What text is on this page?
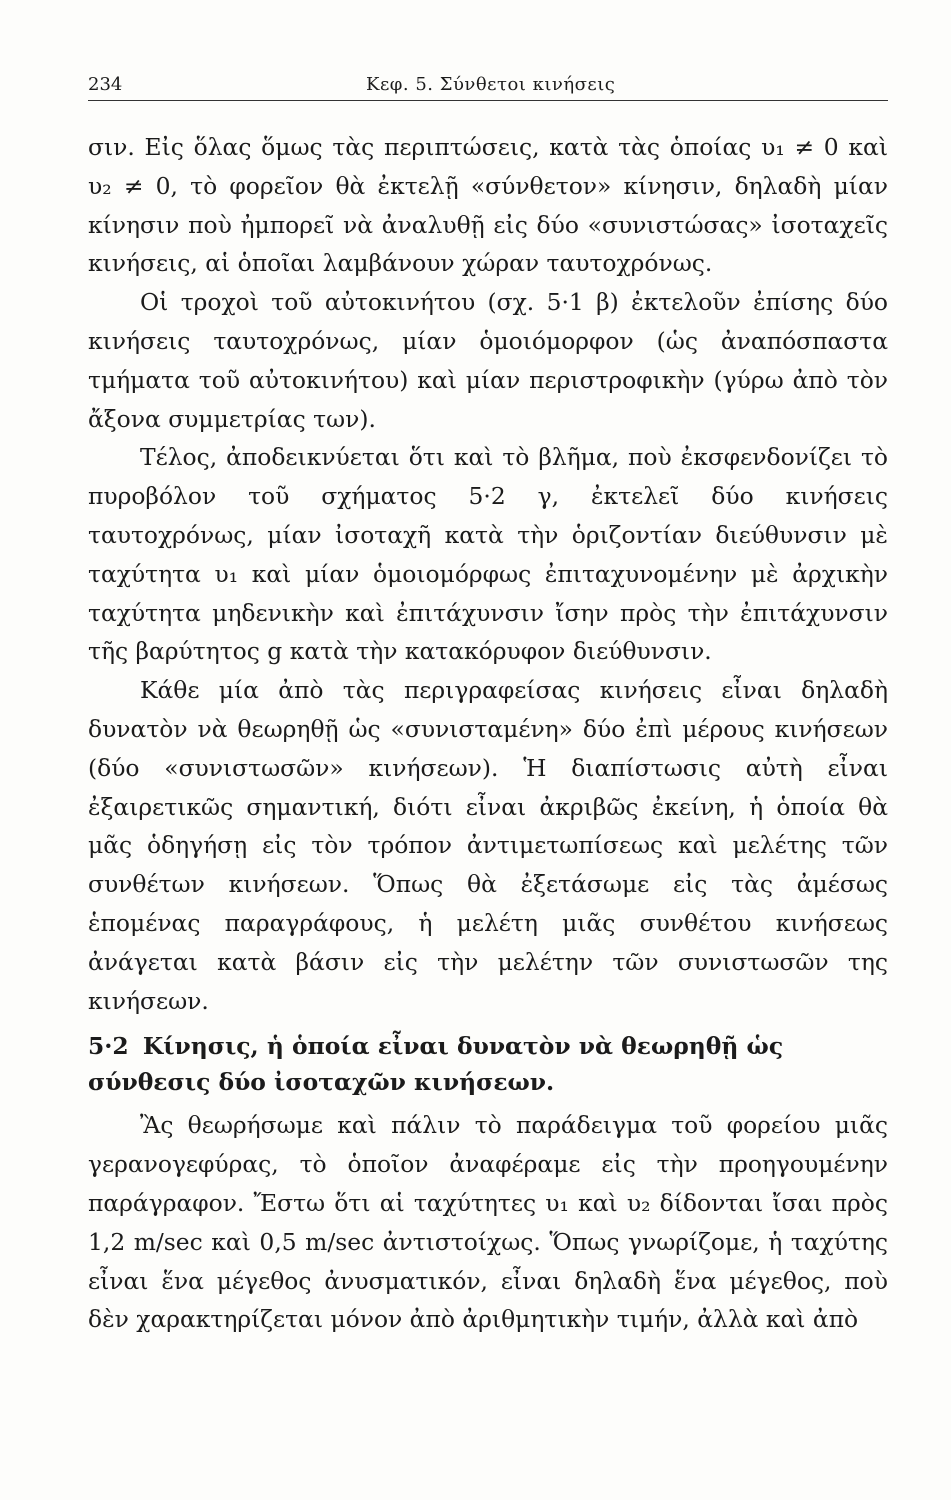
234	Κεφ. 5. Σύνθετοι κινήσεις

σιν. Εἰς ὅλας ὅμως τὰς περιπτώσεις, κατὰ τὰς ὁποίας υ₁ ≠ 0 καὶ υ₂ ≠ 0, τὸ φορεῖον θὰ ἐκτελῇ «σύνθετον» κίνησιν, δηλαδὴ μίαν κίνησιν ποὺ ἠμπορεῖ νὰ ἀναλυθῇ εἰς δύο «συνιστώσας» ἰσοταχεῖς κινήσεις, αἱ ὁποῖαι λαμβάνουν χώραν ταυτοχρόνως.

Οἱ τροχοὶ τοῦ αὐτοκινήτου (σχ. 5·1 β) ἐκτελοῦν ἐπίσης δύο κινήσεις ταυτοχρόνως, μίαν ὁμοιόμορφον (ὡς ἀναπόσπαστα τμήματα τοῦ αὐτοκινήτου) καὶ μίαν περιστροφικὴν (γύρω ἀπὸ τὸν ἄξονα συμμετρίας των).

Τέλος, ἀποδεικνύεται ὅτι καὶ τὸ βλῆμα, ποὺ ἐκσφενδονίζει τὸ πυροβόλον τοῦ σχήματος 5·2 γ, ἐκτελεῖ δύο κινήσεις ταυτοχρόνως, μίαν ἰσοταχῆ κατὰ τὴν ὁριζοντίαν διεύθυνσιν μὲ ταχύτητα υ₁ καὶ μίαν ὁμοιομόρφως ἐπιταχυνομένην μὲ ἀρχικὴν ταχύτητα μηδενικὴν καὶ ἐπιτάχυνσιν ἴσην πρὸς τὴν ἐπιτάχυνσιν τῆς βαρύτητος g κατὰ τὴν κατακόρυφον διεύθυνσιν.

Κάθε μία ἀπὸ τὰς περιγραφείσας κινήσεις εἶναι δηλαδὴ δυνατὸν νὰ θεωρηθῇ ὡς «συνισταμένη» δύο ἐπὶ μέρους κινήσεων (δύο «συνιστωσῶν» κινήσεων). Ἡ διαπίστωσις αὐτὴ εἶναι ἐξαιρετικῶς σημαντική, διότι εἶναι ἀκριβῶς ἐκείνη, ἡ ὁποία θὰ μᾶς ὁδηγήσῃ εἰς τὸν τρόπον ἀντιμετωπίσεως καὶ μελέτης τῶν συνθέτων κινήσεων. Ὅπως θὰ ἐξετάσωμε εἰς τὰς ἀμέσως ἑπομένας παραγράφους, ἡ μελέτη μιᾶς συνθέτου κινήσεως ἀνάγεται κατὰ βάσιν εἰς τὴν μελέτην τῶν συνιστωσῶν της κινήσεων.

5·2 Κίνησις, ἡ ὁποία εἶναι δυνατὸν νὰ θεωρηθῇ ὡς σύνθεσις δύο ἰσοταχῶν κινήσεων.

Ἂς θεωρήσωμε καὶ πάλιν τὸ παράδειγμα τοῦ φορείου μιᾶς γερανογεφύρας, τὸ ὁποῖον ἀναφέραμε εἰς τὴν προηγουμένην παράγραφον. Ἔστω ὅτι αἱ ταχύτητες υ₁ καὶ υ₂ δίδονται ἴσαι πρὸς 1,2 m/sec καὶ 0,5 m/sec ἀντιστοίχως. Ὅπως γνωρίζομε, ἡ ταχύτης εἶναι ἕνα μέγεθος ἀνυσματικόν, εἶναι δηλαδὴ ἕνα μέγεθος, ποὺ δὲν χαρακτηρίζεται μόνον ἀπὸ ἀριθμητικὴν τιμήν, ἀλλὰ καὶ ἀπὸ
